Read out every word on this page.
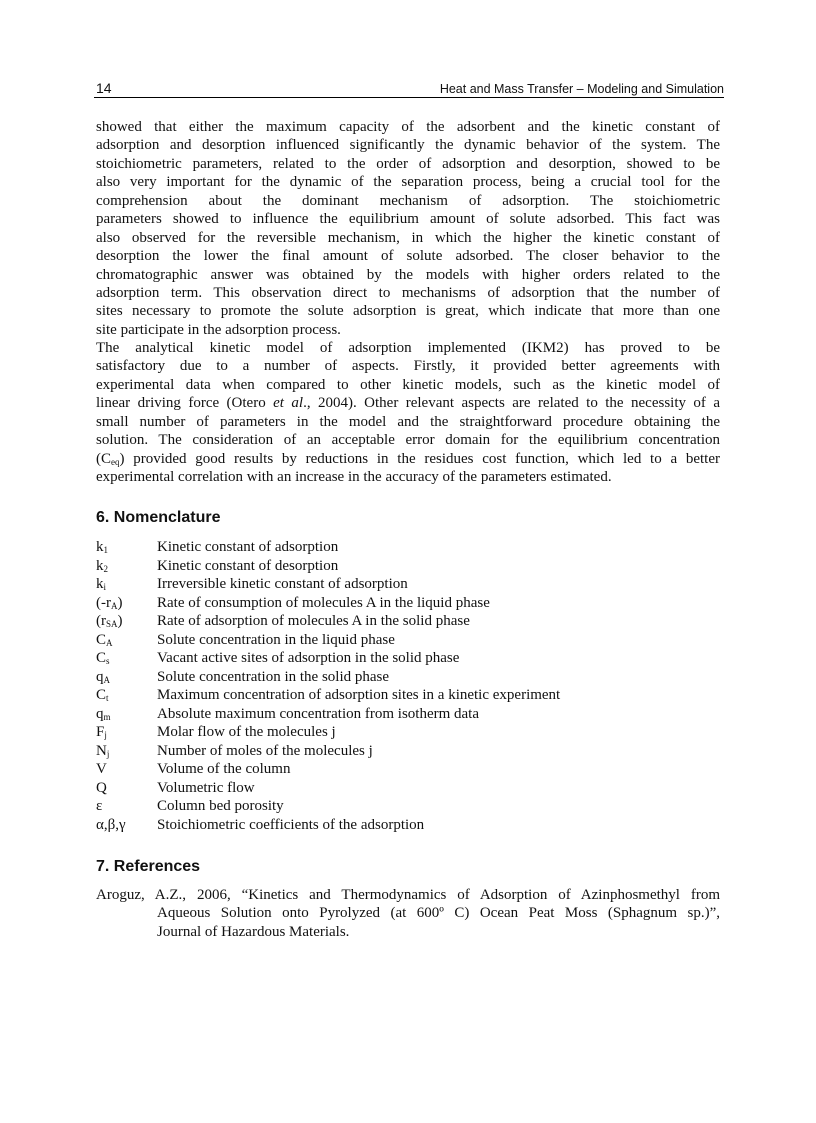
14	Heat and Mass Transfer – Modeling and Simulation
showed that either the maximum capacity of the adsorbent and the kinetic constant of
adsorption and desorption influenced significantly the dynamic behavior of the system. The
stoichiometric parameters, related to the order of adsorption and desorption, showed to be
also very important for the dynamic of the separation process, being a crucial tool for the
comprehension about the dominant mechanism of adsorption. The stoichiometric
parameters showed to influence the equilibrium amount of solute adsorbed. This fact was
also observed for the reversible mechanism, in which the higher the kinetic constant of
desorption the lower the final amount of solute adsorbed. The closer behavior to the
chromatographic answer was obtained by the models with higher orders related to the
adsorption term. This observation direct to mechanisms of adsorption that the number of
sites necessary to promote the solute adsorption is great, which indicate that more than one
site participate in the adsorption process.
The analytical kinetic model of adsorption implemented (IKM2) has proved to be
satisfactory due to a number of aspects. Firstly, it provided better agreements with
experimental data when compared to other kinetic models, such as the kinetic model of
linear driving force (Otero et al., 2004). Other relevant aspects are related to the necessity of a
small number of parameters in the model and the straightforward procedure obtaining the
solution. The consideration of an acceptable error domain for the equilibrium concentration
$(C_{eq})$ provided good results by reductions in the residues cost function, which led to a better
experimental correlation with an increase in the accuracy of the parameters estimated.
6. Nomenclature
$k_1$	Kinetic constant of adsorption
$k_2$	Kinetic constant of desorption
$k_i$	Irreversible kinetic constant of adsorption
$(-r_A)$	Rate of consumption of molecules A in the liquid phase
$(r_{SA})$	Rate of adsorption of molecules A in the solid phase
$C_A$	Solute concentration in the liquid phase
$C_s$	Vacant active sites of adsorption in the solid phase
$q_A$	Solute concentration in the solid phase
$C_t$	Maximum concentration of adsorption sites in a kinetic experiment
$q_m$	Absolute maximum concentration from isotherm data
$F_j$	Molar flow of the molecules j
$N_j$	Number of moles of the molecules j
V	Volume of the column
Q	Volumetric flow
ε	Column bed porosity
α,β,γ	Stoichiometric coefficients of the adsorption
7. References
Aroguz, A.Z., 2006, “Kinetics and Thermodynamics of Adsorption of Azinphosmethyl from
Aqueous Solution onto Pyrolyzed (at 600º C) Ocean Peat Moss (Sphagnum sp.)”,
Journal of Hazardous Materials.
